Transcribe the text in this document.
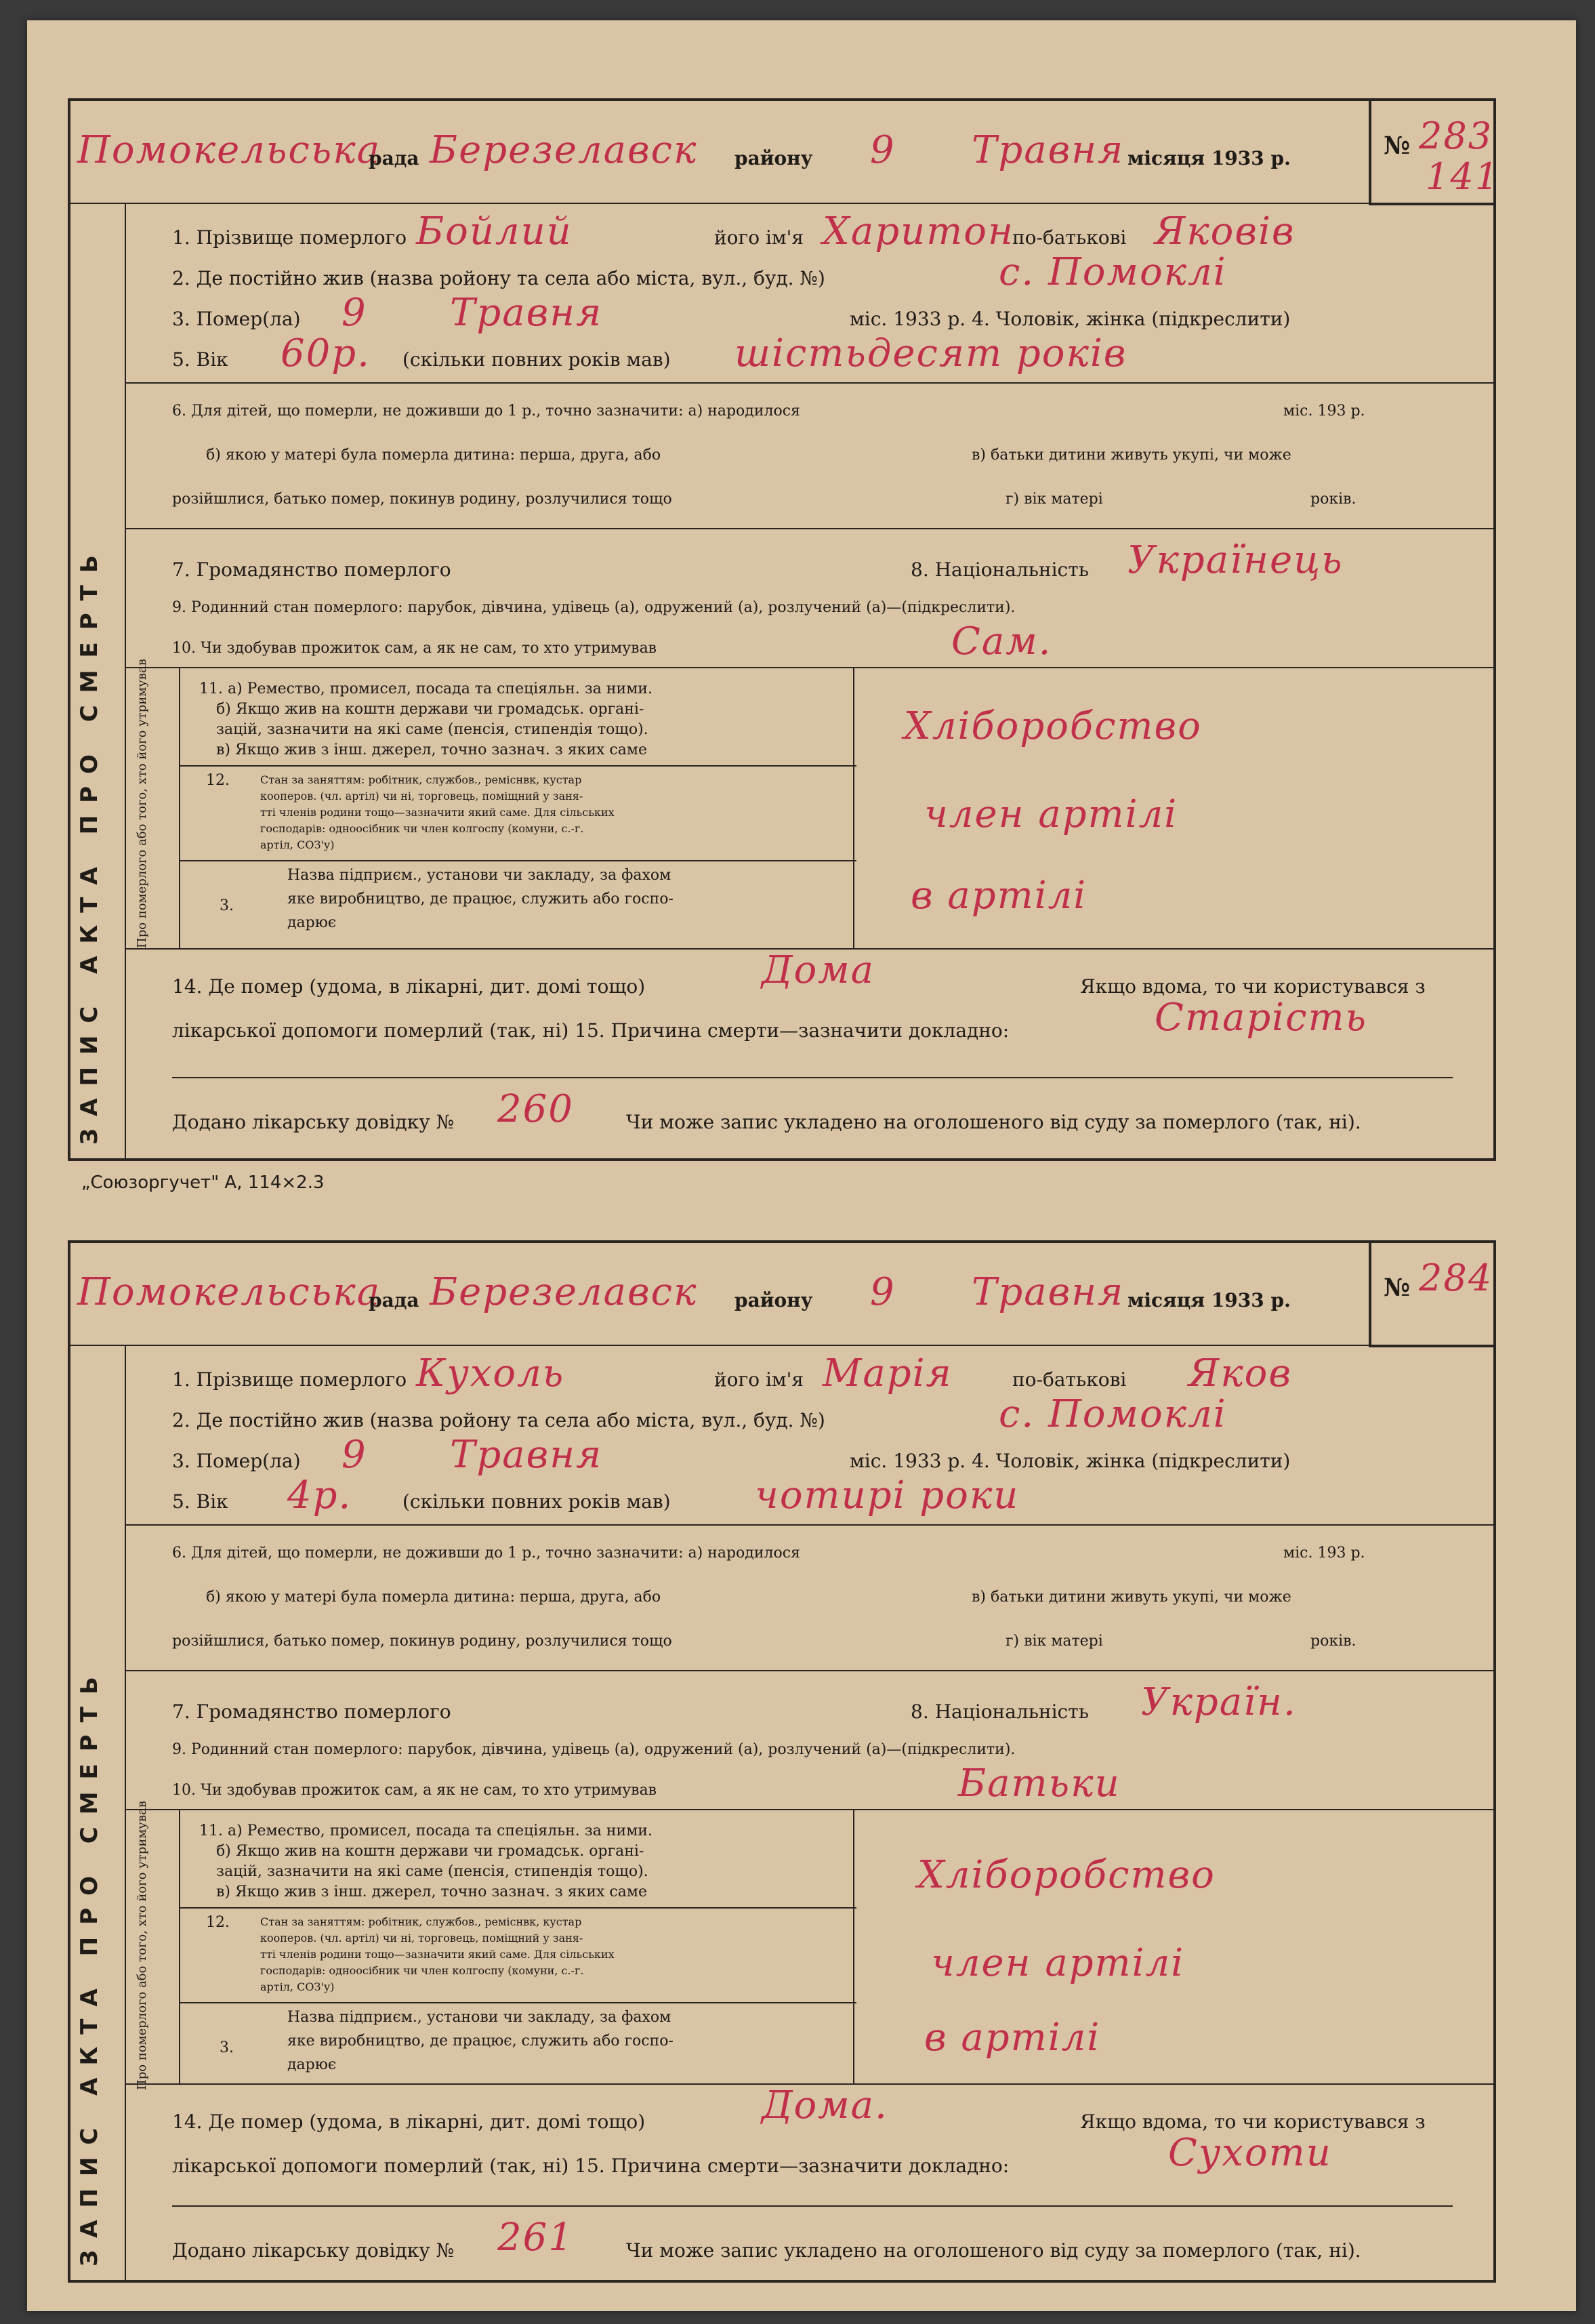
№ 283
141
Помокельська
рада Березелавск району 9 Травня місяця 1933 р.
ЗАПИС АКТА ПРО СМЕРТЬ
1. Прізвище померлого Бойлий	його ім'я Харитон
по-батькові Яковів
2. Де постійно жив (назва ройону та села або міста, вул., буд. №)	с. Помоклі
3. Помер(ла) 9 Травня	міс. 1933 р. 4. Чоловік, жінка (підкреслити)
5. Вік 60р. (скільки повних років мав) шістьдесят років
6. Для дітей, що померли, не доживши до 1 р., точно зазначити: а) народилося	міс. 193 р.
б) якою у матері була померла дитина: перша, друга, або	в) батьки дитини живуть укупі, чи може
розійшлися, батько помер, покинув родину, розлучилися тощо	г) вік матері	років.
7. Громадянство померлого	8. Національність Українець
9. Родинний стан померлого: парубок, дівчина, удівець (а), одружений (а), розлучений (а)—(підкреслити).
10. Чи здобував прожиток сам, а як не сам, то хто утримував	Сам.
Про померлого або того, хто його утримував	11. а) Ремество, промисел, посада та спеціяльн. за ними.
б) Якщо жив на коштн держави чи громадськ. органі-
зацій, зазначити на які саме (пенсія, стипендія тощо).
в) Якщо жив з інш. джерел, точно зазнач. з яких саме
Хліборобство
12.	Стан за заняттям: робітник, службов., реміснвк, кустар
кооперов. (чл. артіл) чи ні, торговець, поміщний у заня-
тті членів родини тощо—зазначити який саме. Для сільських
господарів: одноосібник чи член колгоспу (комуни, с.-г.
артіл, СОЗ'у)
член артілі
3.
Назва підприєм., установи чи закладу, за фахом
яке виробництво, де працює, служить або госпо-
дарює
в артілі
14. Де помер (удома, в лікарні, дит. домі тощо)	Дома	Якщо вдома, то чи користувався з
лікарської допомоги померлий (так, ні) 15. Причина смерти—зазначити докладно:	Старість
Додано лікарську довідку № 260	Чи може запис укладено на оголошеного від суду за померлого (так, ні).
„Союзоргучет" А, 114×2.3
№ 284
Помокельська
рада Березелавск району 9 Травня місяця 1933 р.
ЗАПИС АКТА ПРО СМЕРТЬ
1. Прізвище померлого Кухоль	його ім'я Марія	по-батькові Яков
2. Де постійно жив (назва ройону та села або міста, вул., буд. №)	с. Помоклі
3. Помер(ла) 9 Травня	міс. 1933 р. 4. Чоловік, жінка (підкреслити)
5. Вік 4р.	(скільки повних років мав) чотирі роки
6. Для дітей, що померли, не доживши до 1 р., точно зазначити: а) народилося	міс. 193 р.
б) якою у матері була померла дитина: перша, друга, або	в) батьки дитини живуть укупі, чи може
розійшлися, батько помер, покинув родину, розлучилися тощо	г) вік матері	років.
7. Громадянство померлого	8. Національність Україн.
9. Родинний стан померлого: парубок, дівчина, удівець (а), одружений (а), розлучений (а)—(підкреслити).
10. Чи здобував прожиток сам, а як не сам, то хто утримував	Батьки
Про померлого або того, хто його утримував	11. а) Ремество, промисел, посада та спеціяльн. за ними.
б) Якщо жив на коштн держави чи громадськ. органі-
зацій, зазначити на які саме (пенсія, стипендія тощо).
в) Якщо жив з інш. джерел, точно зазнач. з яких саме	Хліборобство
12.	Стан за заняттям: робітник, службов., реміснвк, кустар
кооперов. (чл. артіл) чи ні, торговець, поміщний у заня-
тті членів родини тощо—зазначити який саме. Для сільських
господарів: одноосібник чи член колгоспу (комуни, с.-г.
артіл, СОЗ'у)
член артілі
3.
Назва підприєм., установи чи закладу, за фахом
яке виробництво, де працює, служить або госпо-
дарює
в артілі
14. Де помер (удома, в лікарні, дит. домі тощо)	Дома.	Якщо вдома, то чи користувався з
лікарської допомоги померлий (так, ні) 15. Причина смерти—зазначити докладно:	Сухоти
Додано лікарську довідку № 261	Чи може запис укладено на оголошеного від суду за померлого (так, ні).
